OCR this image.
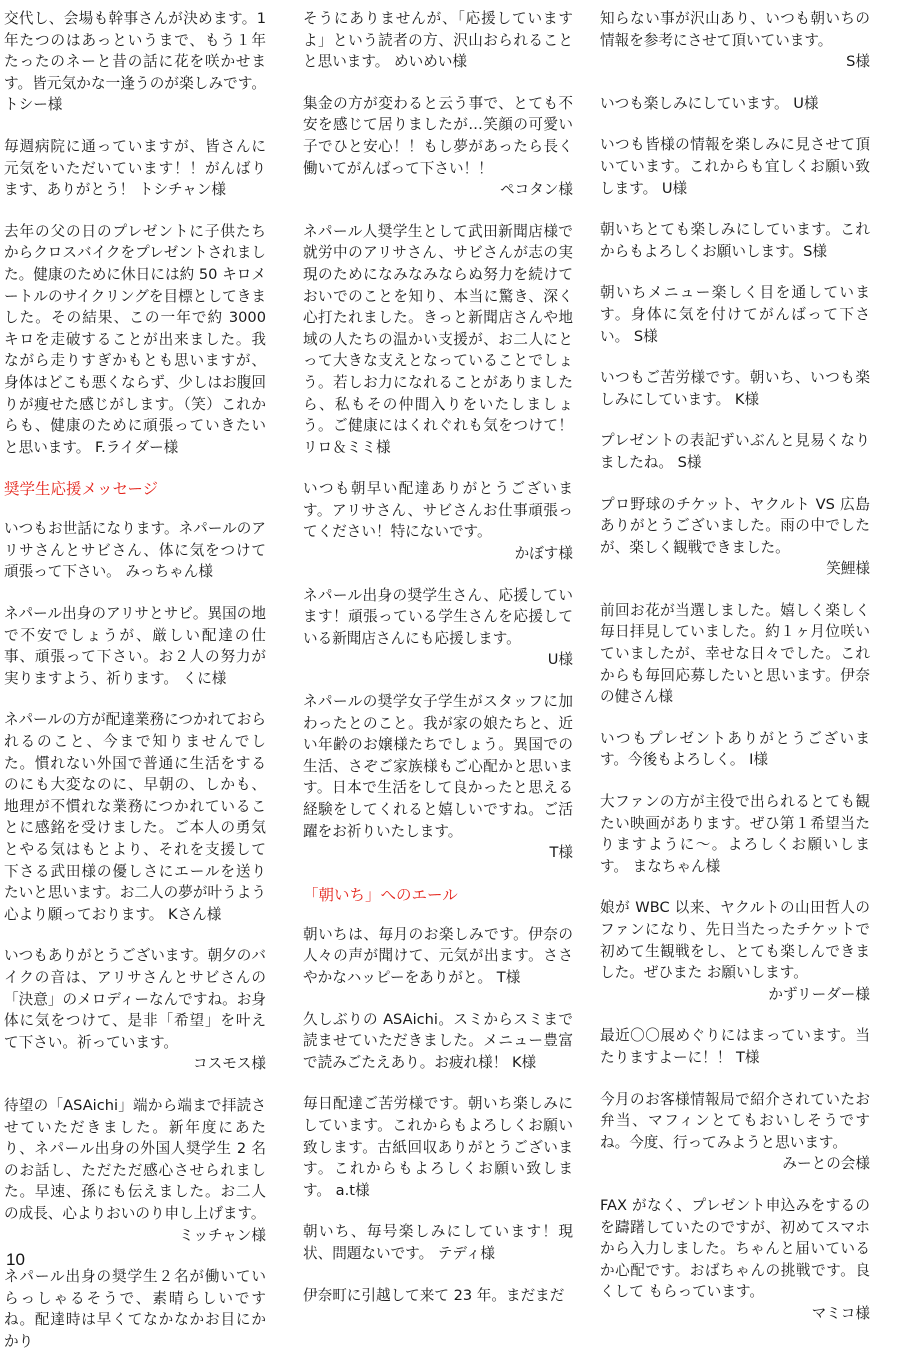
交代し、会場も幹事さんが決めます。1年たつのはあっというまで、もう１年たったのネーと昔の話に花を咲かせます。皆元気かな一逢うのが楽しみです。トシー様

毎週病院に通っていますが、皆さんに元気をいただいています！！がんばります、ありがとう！ トシチャン様

去年の父の日のプレゼントに子供たちからクロスバイクをプレゼントされました。健康のために休日には約 50 キロメートルのサイクリングを目標としてきました。その結果、この一年で約 3000 キロを走破することが出来ました。我ながら走りすぎかもとも思いますが、身体はどこも悪くならず、少しはお腹回りが痩せた感じがします。（笑）これからも、健康のために頑張っていきたいと思います。 F.ライダー様

奨学生応援メッセージ

いつもお世話になります。ネパールのアリサさんとサビさん、体に気をつけて頑張って下さい。 みっちゃん様

ネパール出身のアリサとサビ。異国の地で不安でしょうが、厳しい配達の仕事、頑張って下さい。お２人の努力が実りますよう、祈ります。 くに様

ネパールの方が配達業務につかれておられるのこと、今まで知りませんでした。慣れない外国で普通に生活をするのにも大変なのに、早朝の、しかも、地理が不慣れな業務につかれていることに感銘を受けました。ご本人の勇気とやる気はもとより、それを支援して下さる武田様の優しさにエールを送りたいと思います。お二人の夢が叶うよう心より願っております。 Kさん様

いつもありがとうございます。朝夕のバイクの音は、アリサさんとサビさんの「決意」のメロディーなんですね。お身体に気をつけて、是非「希望」を叶えて下さい。祈っています。

コスモス様

待望の「ASAichi」端から端まで拝読させていただきました。新年度にあたり、ネパール出身の外国人奨学生 2 名のお話し、ただただ感心させられました。早速、孫にも伝えました。お二人の成長、心よりおいのり申し上げます。

ミッチャン様

ネパール出身の奨学生２名が働いていらっしゃるそうで、素晴らしいですね。配達時は早くてなかなかお目にかかり

そうにありませんが、「応援していますよ」という読者の方、沢山おられることと思います。 めいめい様

集金の方が変わると云う事で、とても不安を感じて居りましたが…笑顔の可愛い子でひと安心！！もし夢があったら長く働いてがんばって下さい！！

ペコタン様

ネパール人奨学生として武田新聞店様で就労中のアリサさん、サビさんが志の実現のためになみなみならぬ努力を続けておいでのことを知り、本当に驚き、深く心打たれました。きっと新聞店さんや地域の人たちの温かい支援が、お二人にとって大きな支えとなっていることでしょう。若しお力になれることがありましたら、私もその仲間入りをいたしましょう。ご健康にはくれぐれも気をつけて！ リロ＆ミミ様

いつも朝早い配達ありがとうございます。アリサさん、サビさんお仕事頑張ってください！特にないです。

かぼす様

ネパール出身の奨学生さん、応援しています！頑張っている学生さんを応援している新聞店さんにも応援します。

U様

ネパールの奨学女子学生がスタッフに加わったとのこと。我が家の娘たちと、近い年齢のお嬢様たちでしょう。異国での生活、さぞご家族様もご心配かと思います。日本で生活をして良かったと思える経験をしてくれると嬉しいですね。ご活躍をお祈りいたします。

T様

「朝いち」へのエール

朝いちは、毎月のお楽しみです。伊奈の人々の声が聞けて、元気が出ます。ささやかなハッピーをありがと。 T様

久しぶりの ASAichi。スミからスミまで読ませていただきました。メニュー豊富で読みごたえあり。お疲れ様！ K様

毎日配達ご苦労様です。朝いち楽しみにしています。これからもよろしくお願い致します。古紙回収ありがとうございます。これからもよろしくお願い致します。 a.t様

朝いち、毎号楽しみにしています！現状、問題ないです。 テディ様

伊奈町に引越して来て 23 年。まだまだ

知らない事が沢山あり、いつも朝いちの情報を参考にさせて頂いています。

S様

いつも楽しみにしています。 U様

いつも皆様の情報を楽しみに見させて頂いています。これからも宜しくお願い致します。 U様

朝いちとても楽しみにしています。これからもよろしくお願いします。S様

朝いちメニュー楽しく目を通しています。身体に気を付けてがんばって下さい。 S様

いつもご苦労様です。朝いち、いつも楽しみにしています。 K様

プレゼントの表記ずいぶんと見易くなりましたね。 S様

プロ野球のチケット、ヤクルト VS 広島ありがとうございました。雨の中でしたが、楽しく観戦できました。

笑鯉様

前回お花が当選しました。嬉しく楽しく毎日拝見していました。約１ヶ月位咲いていましたが、幸せな日々でした。これからも毎回応募したいと思います。伊奈の健さん様

いつもプレゼントありがとうございます。今後もよろしく。 I様

大ファンの方が主役で出られるとても観たい映画があります。ぜひ第１希望当たりますように～。よろしくお願いします。 まなちゃん様

娘が WBC 以来、ヤクルトの山田哲人のファンになり、先日当たったチケットで初めて生観戦をし、とても楽しんできました。ぜひまた お願いします。

かずリーダー様

最近〇〇展めぐりにはまっています。当たりますよーに！！ T様

今月のお客様情報局で紹介されていたお弁当、マフィンとてもおいしそうですね。今度、行ってみようと思います。

みーとの会様

FAX がなく、プレゼント申込みをするのを躊躇していたのですが、初めてスマホから入力しました。ちゃんと届いているか心配です。おばちゃんの挑戦です。良くして もらっています。

マミコ様

10
